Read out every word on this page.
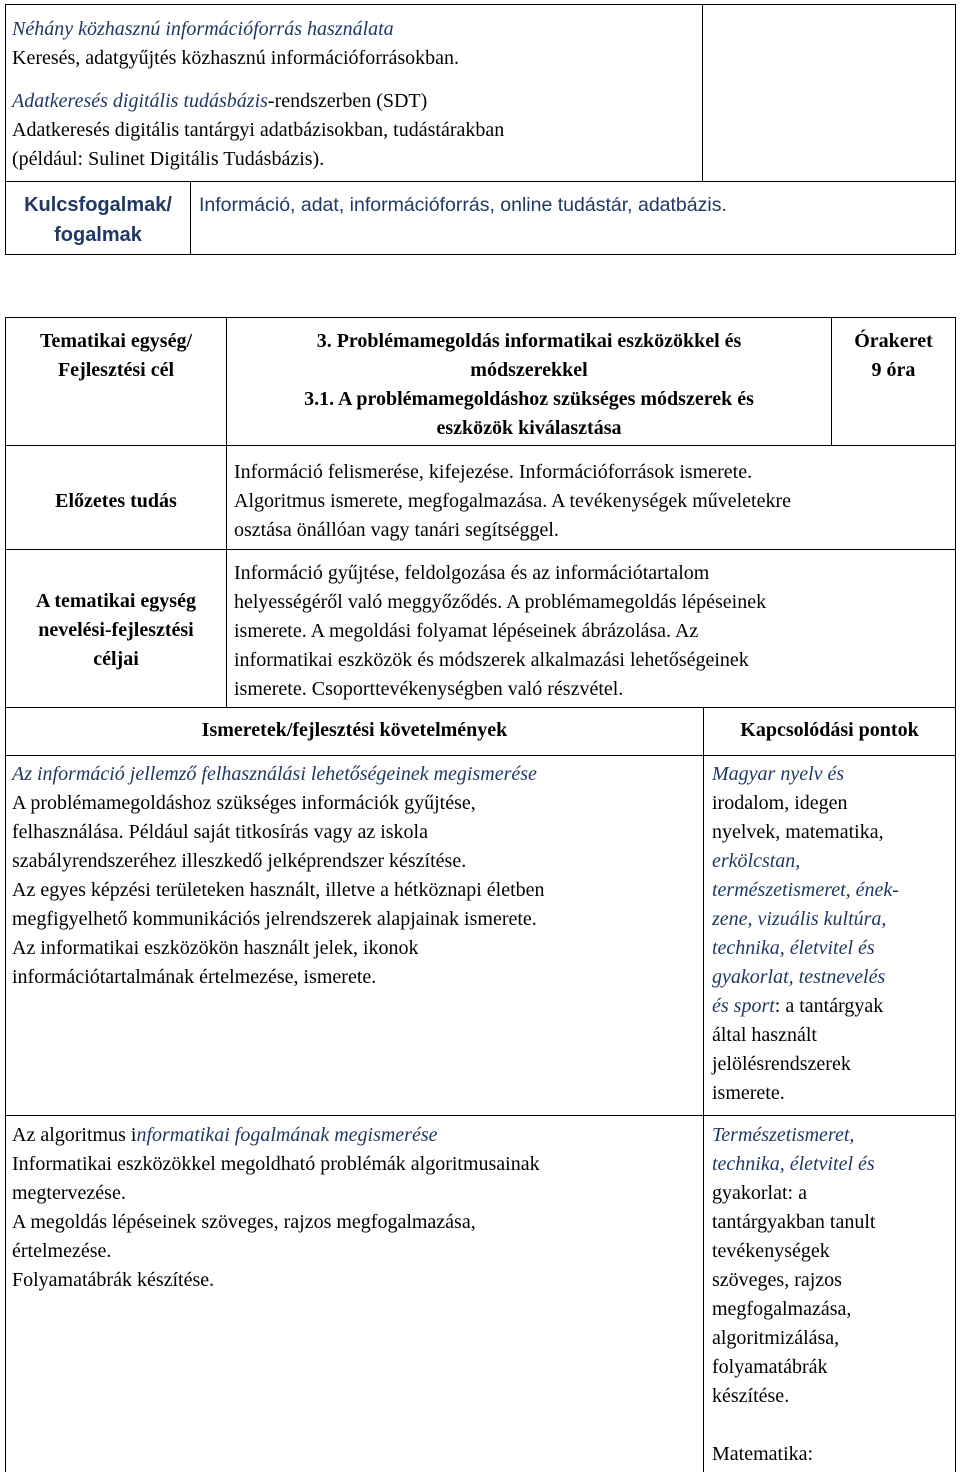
Néhány közhasznú információforrás használata
Keresés, adatgyűjtés közhasznú információforrásokban.
Adatkeresés digitális tudásbázis-rendszerben (SDT)
Adatkeresés digitális tantárgyi adatbázisokban, tudástárakban
(például: Sulinet Digitális Tudásbázis).
Kulcsfogalmak/
fogalmak
Információ, adat, információforrás, online tudástár, adatbázis.
Tematikai egység/
Fejlesztési cél
3. Problémamegoldás informatikai eszközökkel és
módszerekkel
3.1. A problémamegoldáshoz szükséges módszerek és
eszközök kiválasztása
Órakeret
9 óra
Előzetes tudás
Információ felismerése, kifejezése. Információforrások ismerete.
Algoritmus ismerete, megfogalmazása. A tevékenységek műveletekre
osztása önállóan vagy tanári segítséggel.
A tematikai egység
nevelési-fejlesztési
céljai
Információ gyűjtése, feldolgozása és az információtartalom
helyességéről való meggyőződés. A problémamegoldás lépéseinek
ismerete. A megoldási folyamat lépéseinek ábrázolása. Az
informatikai eszközök és módszerek alkalmazási lehetőségeinek
ismerete. Csoporttevékenységben való részvétel.
Ismeretek/fejlesztési követelmények	Kapcsolódási pontok
Az információ jellemző felhasználási lehetőségeinek megismerése
A problémamegoldáshoz szükséges információk gyűjtése,
felhasználása. Például saját titkosírás vagy az iskola
szabályrendszeréhez illeszkedő jelképrendszer készítése.
Az egyes képzési területeken használt, illetve a hétköznapi életben
megfigyelhető kommunikációs jelrendszerek alapjainak ismerete.
Az informatikai eszközökön használt jelek, ikonok
információtartalmának értelmezése, ismerete.
Magyar nyelv és
irodalom, idegen
nyelvek, matematika,
erkölcstan,
természetismeret, ének-
zene, vizuális kultúra,
technika, életvitel és
gyakorlat, testnevelés
és sport: a tantárgyak
által használt
jelölésrendszerek
ismerete.
Az algoritmus informatikai fogalmának megismerése
Informatikai eszközökkel megoldható problémák algoritmusainak
megtervezése.
A megoldás lépéseinek szöveges, rajzos megfogalmazása,
értelmezése.
Folyamatábrák készítése.
Természetismeret,
technika, életvitel és
gyakorlat: a
tantárgyakban tanult
tevékenységek
szöveges, rajzos
megfogalmazása,
algoritmizálása,
folyamatábrák
készítése.
Matematika:
